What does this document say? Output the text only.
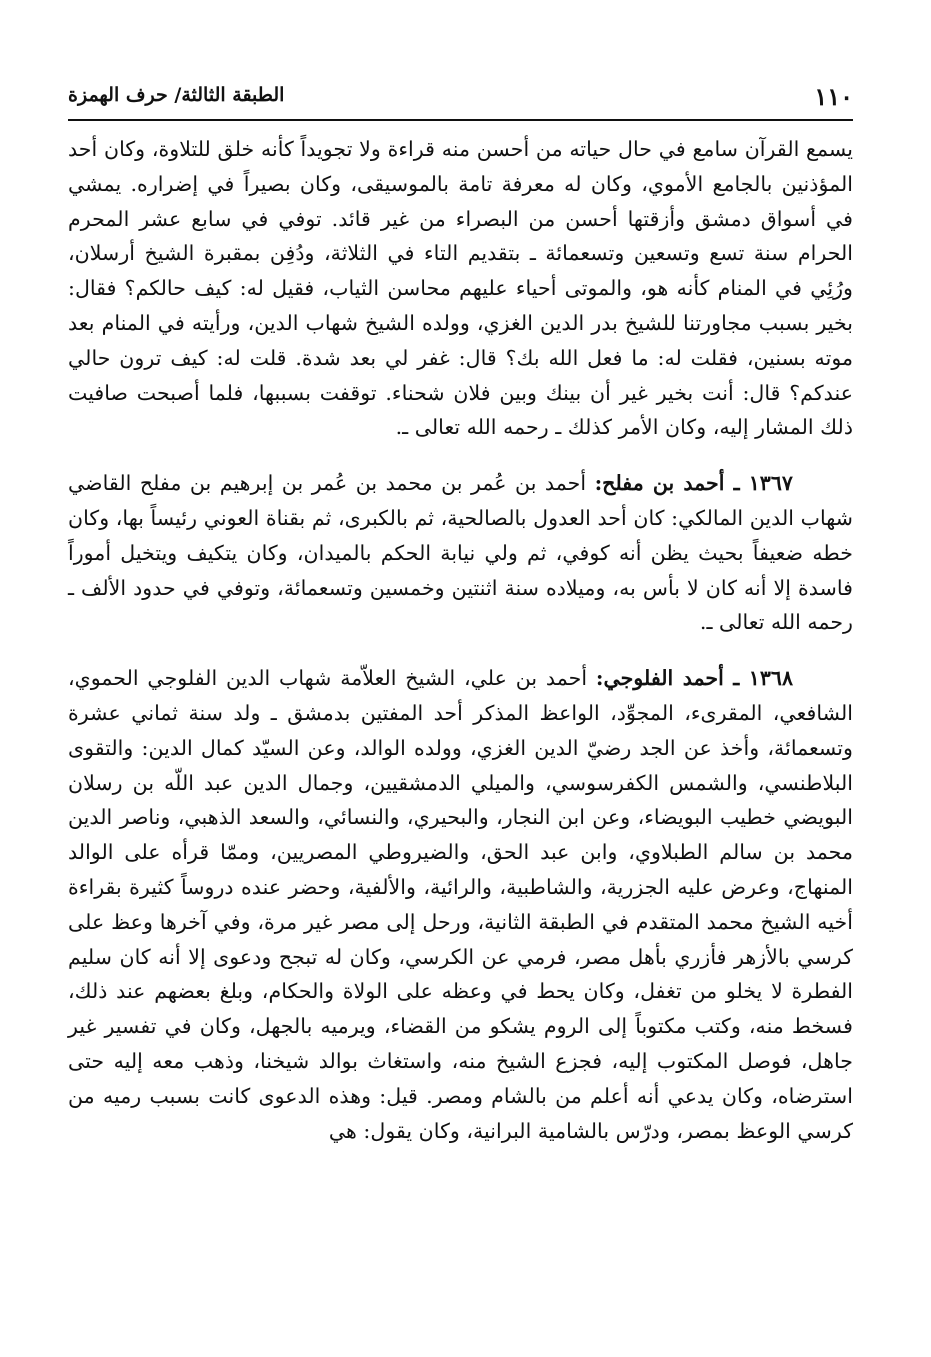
١١٠
الطبقة الثالثة/ حرف الهمزة

يسمع القرآن سامع في حال حياته من أحسن منه قراءة ولا تجويداً كأنه خلق للتلاوة، وكان أحد المؤذنين بالجامع الأموي، وكان له معرفة تامة بالموسيقى، وكان بصيراً في إضراره. يمشي في أسواق دمشق وأزقتها أحسن من البصراء من غير قائد. توفي في سابع عشر المحرم الحرام سنة تسع وتسعين وتسعمائة ـ بتقديم التاء في الثلاثة، ودُفِن بمقبرة الشيخ أرسلان، ورُئِي في المنام كأنه هو، والموتى أحياء عليهم محاسن الثياب، فقيل له: كيف حالكم؟ فقال: بخير بسبب مجاورتنا للشيخ بدر الدين الغزي، وولده الشيخ شهاب الدين، ورأيته في المنام بعد موته بسنين، فقلت له: ما فعل الله بك؟ قال: غفر لي بعد شدة. قلت له: كيف ترون حالي عندكم؟ قال: أنت بخير غير أن بينك وبين فلان شحناء. توقفت بسببها، فلما أصبحت صافيت ذلك المشار إليه، وكان الأمر كذلك ـ رحمه الله تعالى ـ.

١٣٦٧ ـ أحمد بن مفلح: أحمد بن عُمر بن محمد بن عُمر بن إبرهيم بن مفلح القاضي شهاب الدين المالكي: كان أحد العدول بالصالحية، ثم بالكبرى، ثم بقناة العوني رئيساً بها، وكان خطه ضعيفاً بحيث يظن أنه كوفي، ثم ولي نيابة الحكم بالميدان، وكان يتكيف ويتخيل أموراً فاسدة إلا أنه كان لا بأس به، وميلاده سنة اثنتين وخمسين وتسعمائة، وتوفي في حدود الألف ـ رحمه الله تعالى ـ.

١٣٦٨ ـ أحمد الفلوجي: أحمد بن علي، الشيخ العلاّمة شهاب الدين الفلوجي الحموي، الشافعي، المقرىء، المجوِّد، الواعظ المذكر أحد المفتين بدمشق ـ ولد سنة ثماني عشرة وتسعمائة، وأخذ عن الجد رضيّ الدين الغزي، وولده الوالد، وعن السيّد كمال الدين: والتقوى البلاطنسي، والشمس الكفرسوسي، والميلي الدمشقيين، وجمال الدين عبد اللّه بن رسلان البويضي خطيب البويضاء، وعن ابن النجار، والبحيري، والنسائي، والسعد الذهبي، وناصر الدين محمد بن سالم الطبلاوي، وابن عبد الحق، والضيروطي المصريين، وممّا قرأه على الوالد المنهاج، وعرض عليه الجزرية، والشاطبية، والرائية، والألفية، وحضر عنده دروساً كثيرة بقراءة أخيه الشيخ محمد المتقدم في الطبقة الثانية، ورحل إلى مصر غير مرة، وفي آخرها وعظ على كرسي بالأزهر فأزري بأهل مصر، فرمي عن الكرسي، وكان له تبجح ودعوى إلا أنه كان سليم الفطرة لا يخلو من تغفل، وكان يحط في وعظه على الولاة والحكام، وبلغ بعضهم عند ذلك، فسخط منه، وكتب مكتوباً إلى الروم يشكو من القضاء، ويرميه بالجهل، وكان في تفسير غير جاهل، فوصل المكتوب إليه، فجزع الشيخ منه، واستغاث بوالد شيخنا، وذهب معه إليه حتى استرضاه، وكان يدعي أنه أعلم من بالشام ومصر. قيل: وهذه الدعوى كانت بسبب رميه من كرسي الوعظ بمصر، ودرّس بالشامية البرانية، وكان يقول: هي
